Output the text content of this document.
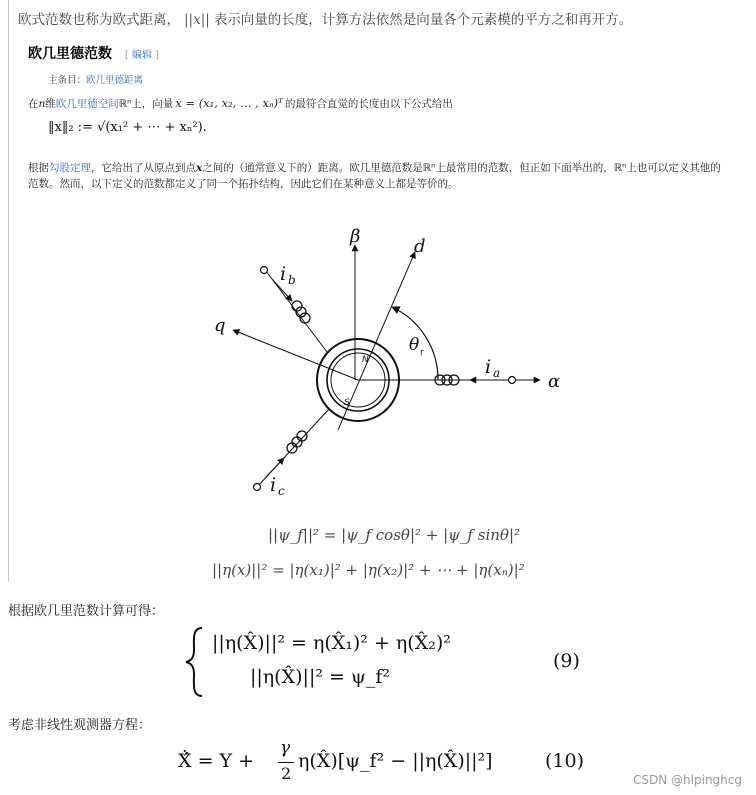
欧式范数也称为欧式距离， ||x|| 表示向量的长度，计算方法依然是向量各个元素模的平方之和再开方。
欧几里德范数 [ 编辑 ]
主条目：欧几里德距离
在n维欧几里德空间ℝⁿ上，向量 x = (x₁, x₂, … , xₙ)ᵀ 的最符合直觉的长度由以下公式给出
‖x‖₂ := √(x₁² + ⋯ + xₙ²).
根据勾股定理，它给出了从原点到点x之间的（通常意义下的）距离。欧几里德范数是ℝⁿ上最常用的范数，但正如下面举出的，ℝⁿ上也可以定义其他的范数。然而，以下定义的范数都定义了同一个拓扑结构，因此它们在某种意义上都是等价的。
β	d
q
α
θ r
i b
i a
i c
N
S
||ψ_f||² = |ψ_f cosθ|² + |ψ_f sinθ|²
||η(x)||² = |η(x₁)|² + |η(x₂)|² + ⋯ + |η(xₙ)|²
根据欧几里范数计算可得：
||η(X̂)||² = η(X̂₁)² + η(X̂₂)²
||η(X̂)||² = ψ_f²
(9)
考虑非线性观测器方程：
Ẋ̂ = Y +
γ
2
η(X̂)[ψ_f² − ||η(X̂)||²]	(10)
CSDN @hlpinghcg
